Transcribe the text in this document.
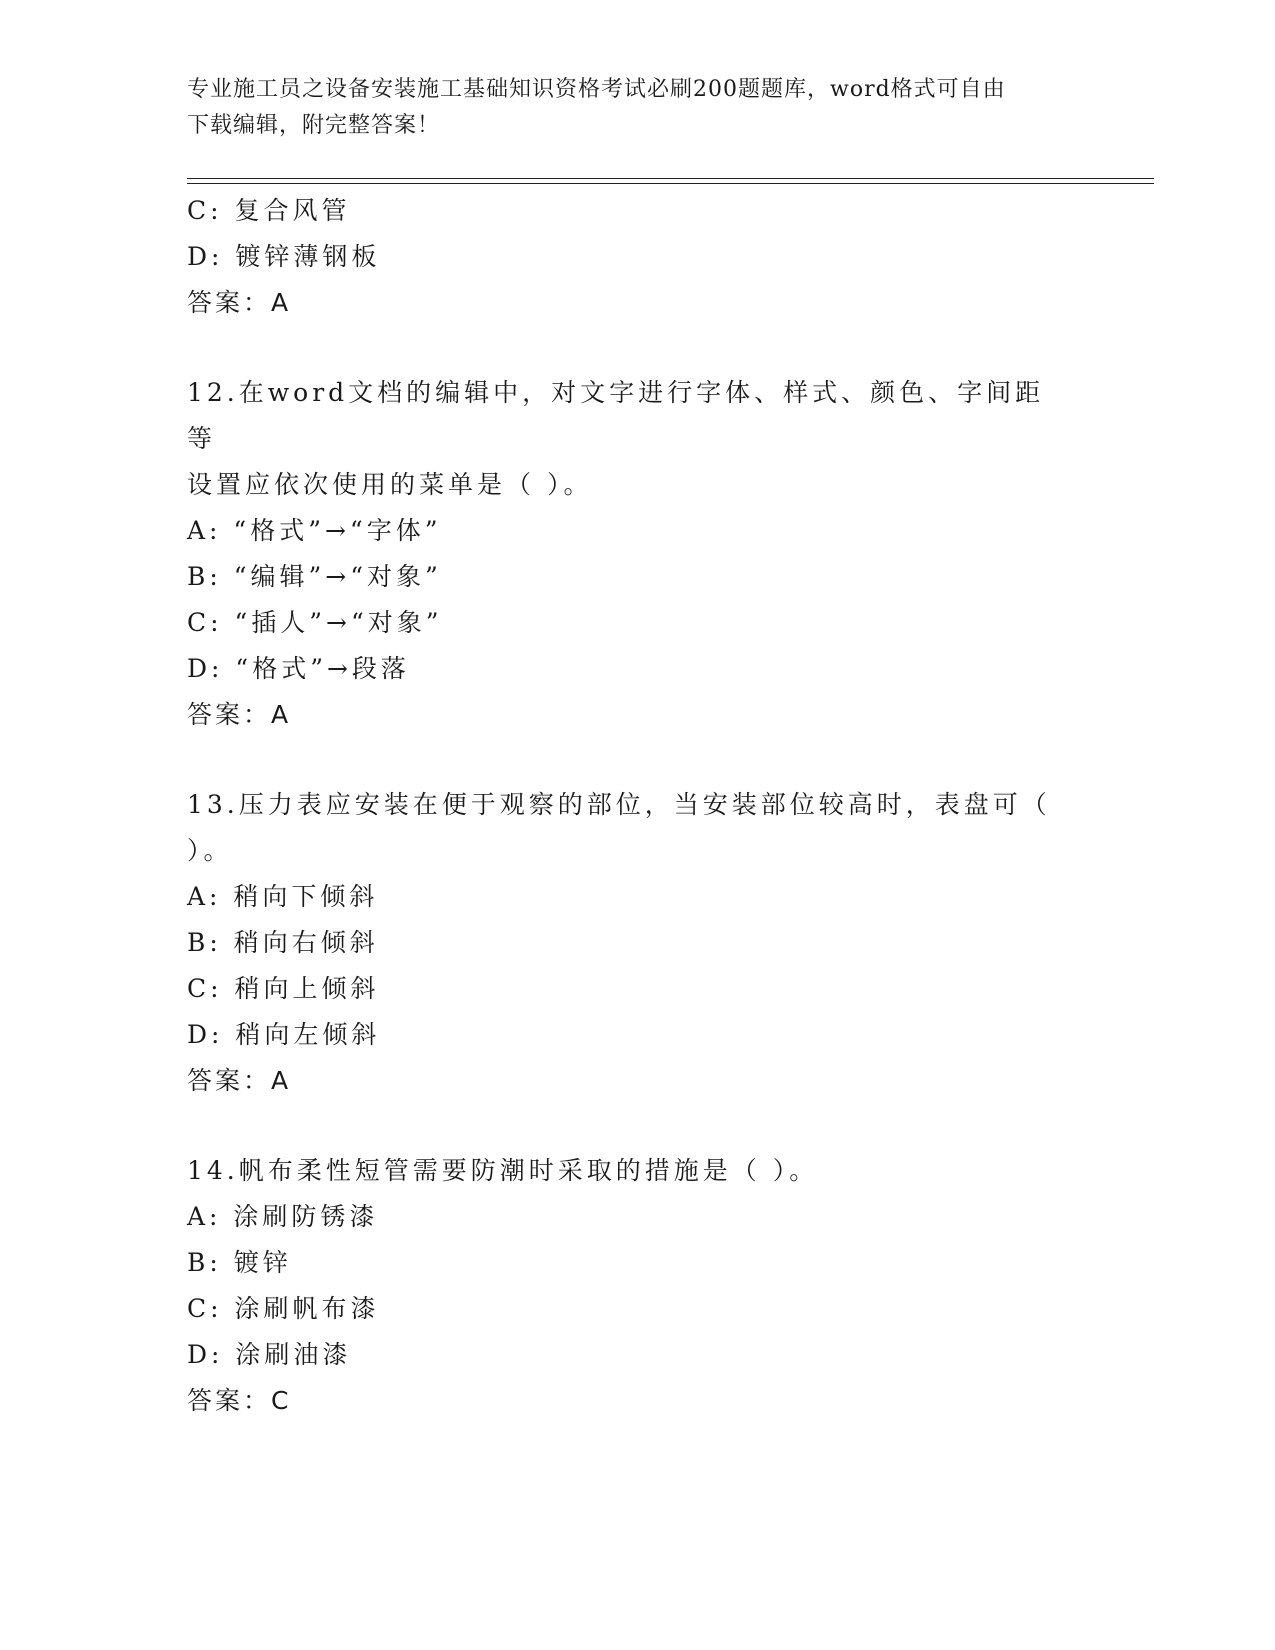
专业施工员之设备安装施工基础知识资格考试必刷200题题库，word格式可自由
下载编辑，附完整答案！
C: 复合风管
D: 镀锌薄钢板
答案：A
12.在word文档的编辑中，对文字进行字体、样式、颜色、字间距等
设置应依次使用的菜单是（ ）。
A: “格式”→“字体”
B: “编辑”→“对象”
C: “插人”→“对象”
D: “格式”→段落
答案：A
13.压力表应安装在便于观察的部位，当安装部位较高时，表盘可（
）。
A: 稍向下倾斜
B: 稍向右倾斜
C: 稍向上倾斜
D: 稍向左倾斜
答案：A
14.帆布柔性短管需要防潮时采取的措施是（ ）。
A: 涂刷防锈漆
B: 镀锌
C: 涂刷帆布漆
D: 涂刷油漆
答案：C
